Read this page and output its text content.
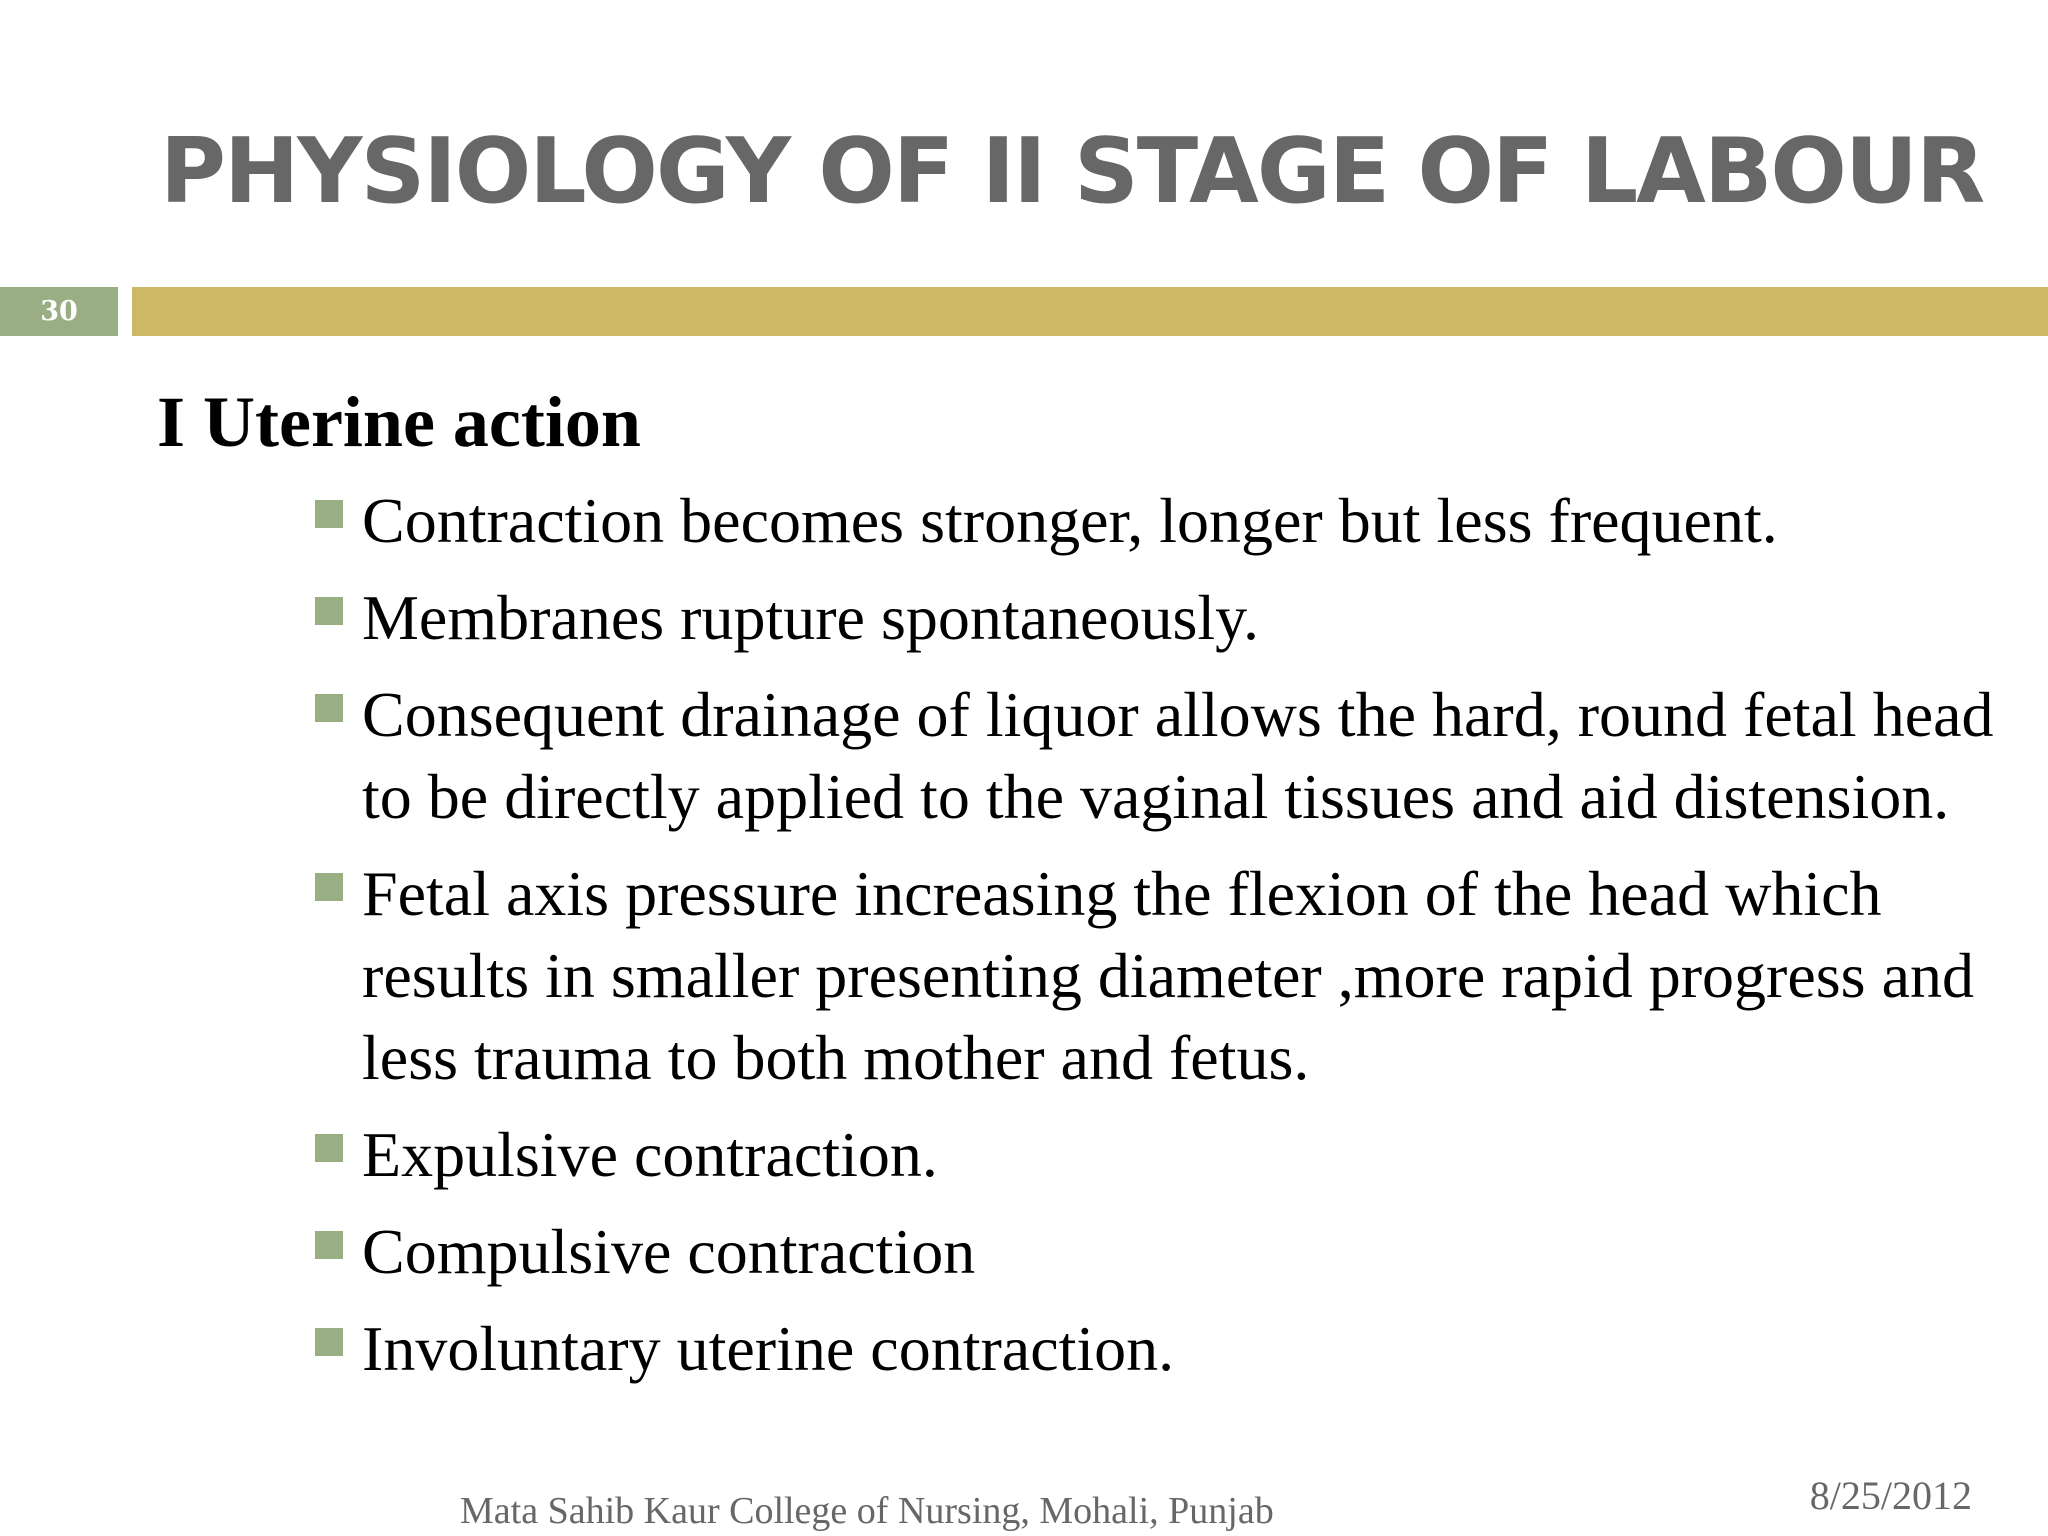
PHYSIOLOGY OF II STAGE OF LABOUR
30
I Uterine action
Contraction becomes stronger, longer but less frequent.
Membranes rupture spontaneously.
Consequent drainage of liquor allows the hard, round fetal head to be directly applied to the vaginal tissues and aid distension.
Fetal axis pressure increasing the flexion of the head which results in smaller presenting diameter ,more rapid progress and less trauma to both mother and fetus.
Expulsive contraction.
Compulsive contraction
Involuntary uterine contraction.
Mata Sahib Kaur College of Nursing, Mohali, Punjab	8/25/2012
